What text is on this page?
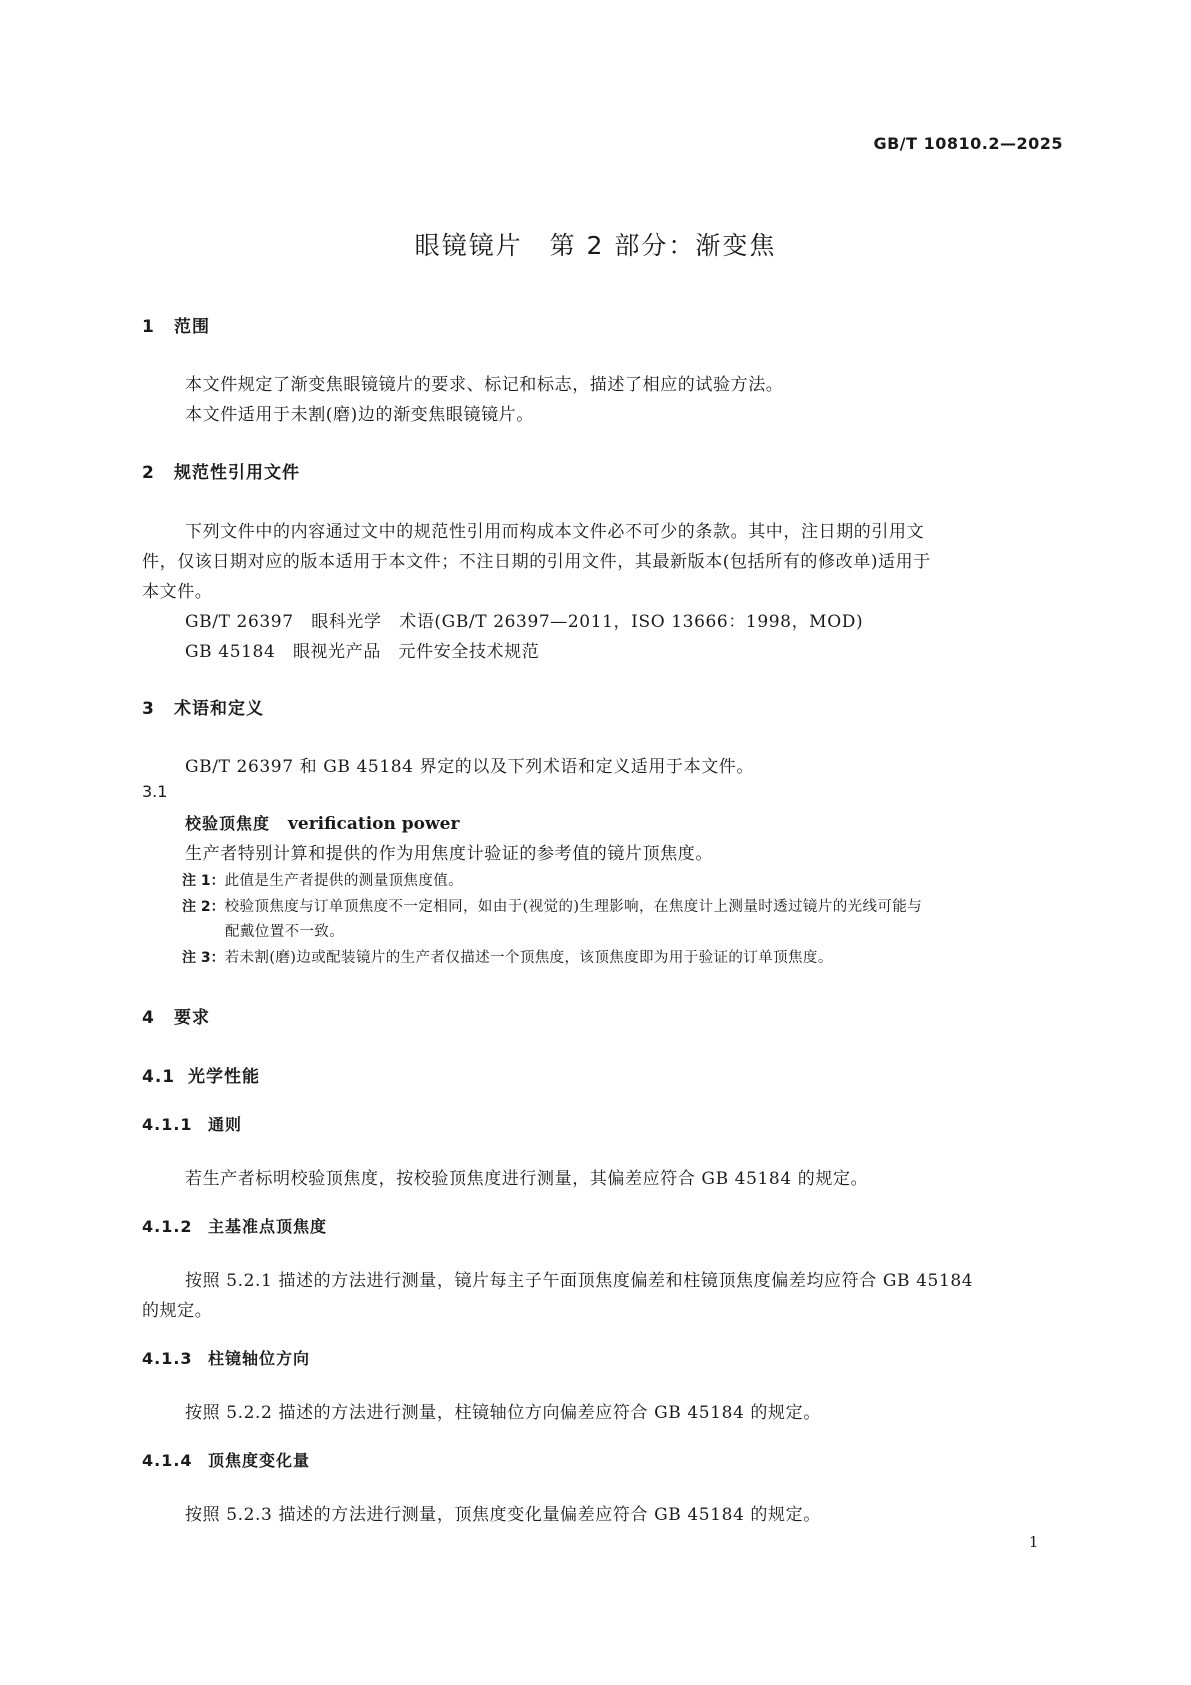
GB/T 10810.2—2025
眼镜镜片　第 2 部分：渐变焦
1 范围
本文件规定了渐变焦眼镜镜片的要求、标记和标志，描述了相应的试验方法。
本文件适用于未割(磨)边的渐变焦眼镜镜片。
2 规范性引用文件
下列文件中的内容通过文中的规范性引用而构成本文件必不可少的条款。其中，注日期的引用文
件，仅该日期对应的版本适用于本文件；不注日期的引用文件，其最新版本(包括所有的修改单)适用于
本文件。
GB/T 26397　眼科光学　术语(GB/T 26397—2011，ISO 13666：1998，MOD)
GB 45184　眼视光产品　元件安全技术规范
3 术语和定义
GB/T 26397 和 GB 45184 界定的以及下列术语和定义适用于本文件。
3.1
校验顶焦度 verification power
生产者特别计算和提供的作为用焦度计验证的参考值的镜片顶焦度。
注 1：此值是生产者提供的测量顶焦度值。
注 2：校验顶焦度与订单顶焦度不一定相同，如由于(视觉的)生理影响，在焦度计上测量时透过镜片的光线可能与
配戴位置不一致。
注 3：若未割(磨)边或配装镜片的生产者仅描述一个顶焦度，该顶焦度即为用于验证的订单顶焦度。
4 要求
4.1 光学性能
4.1.1 通则
若生产者标明校验顶焦度，按校验顶焦度进行测量，其偏差应符合 GB 45184 的规定。
4.1.2 主基准点顶焦度
按照 5.2.1 描述的方法进行测量，镜片每主子午面顶焦度偏差和柱镜顶焦度偏差均应符合 GB 45184
的规定。
4.1.3 柱镜轴位方向
按照 5.2.2 描述的方法进行测量，柱镜轴位方向偏差应符合 GB 45184 的规定。
4.1.4 顶焦度变化量
按照 5.2.3 描述的方法进行测量，顶焦度变化量偏差应符合 GB 45184 的规定。
1
